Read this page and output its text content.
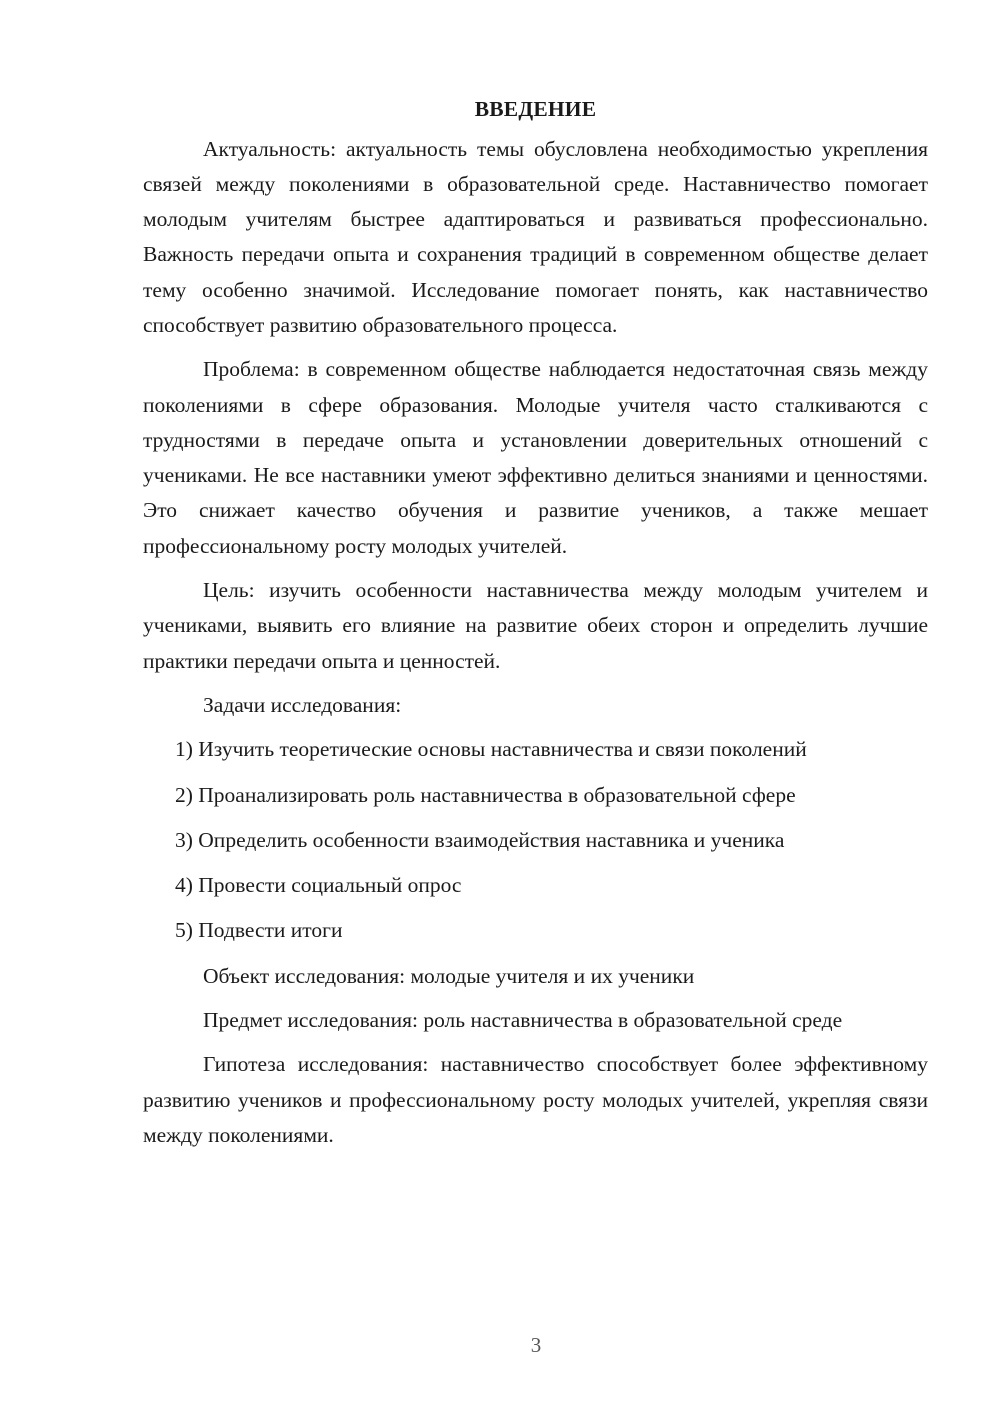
ВВЕДЕНИЕ

Актуальность: актуальность темы обусловлена необходимостью укрепления связей между поколениями в образовательной среде. Наставничество помогает молодым учителям быстрее адаптироваться и развиваться профессионально. Важность передачи опыта и сохранения традиций в современном обществе делает тему особенно значимой. Исследование помогает понять, как наставничество способствует развитию образовательного процесса.

Проблема: в современном обществе наблюдается недостаточная связь между поколениями в сфере образования. Молодые учителя часто сталкиваются с трудностями в передаче опыта и установлении доверительных отношений с учениками. Не все наставники умеют эффективно делиться знаниями и ценностями. Это снижает качество обучения и развитие учеников, а также мешает профессиональному росту молодых учителей.

Цель: изучить особенности наставничества между молодым учителем и учениками, выявить его влияние на развитие обеих сторон и определить лучшие практики передачи опыта и ценностей.

Задачи исследования:

1) Изучить теоретические основы наставничества и связи поколений
2) Проанализировать роль наставничества в образовательной сфере
3) Определить особенности взаимодействия наставника и ученика
4) Провести социальный опрос
5) Подвести итоги

Объект исследования: молодые учителя и их ученики

Предмет исследования: роль наставничества в образовательной среде

Гипотеза исследования: наставничество способствует более эффективному развитию учеников и профессиональному росту молодых учителей, укрепляя связи между поколениями.

3
